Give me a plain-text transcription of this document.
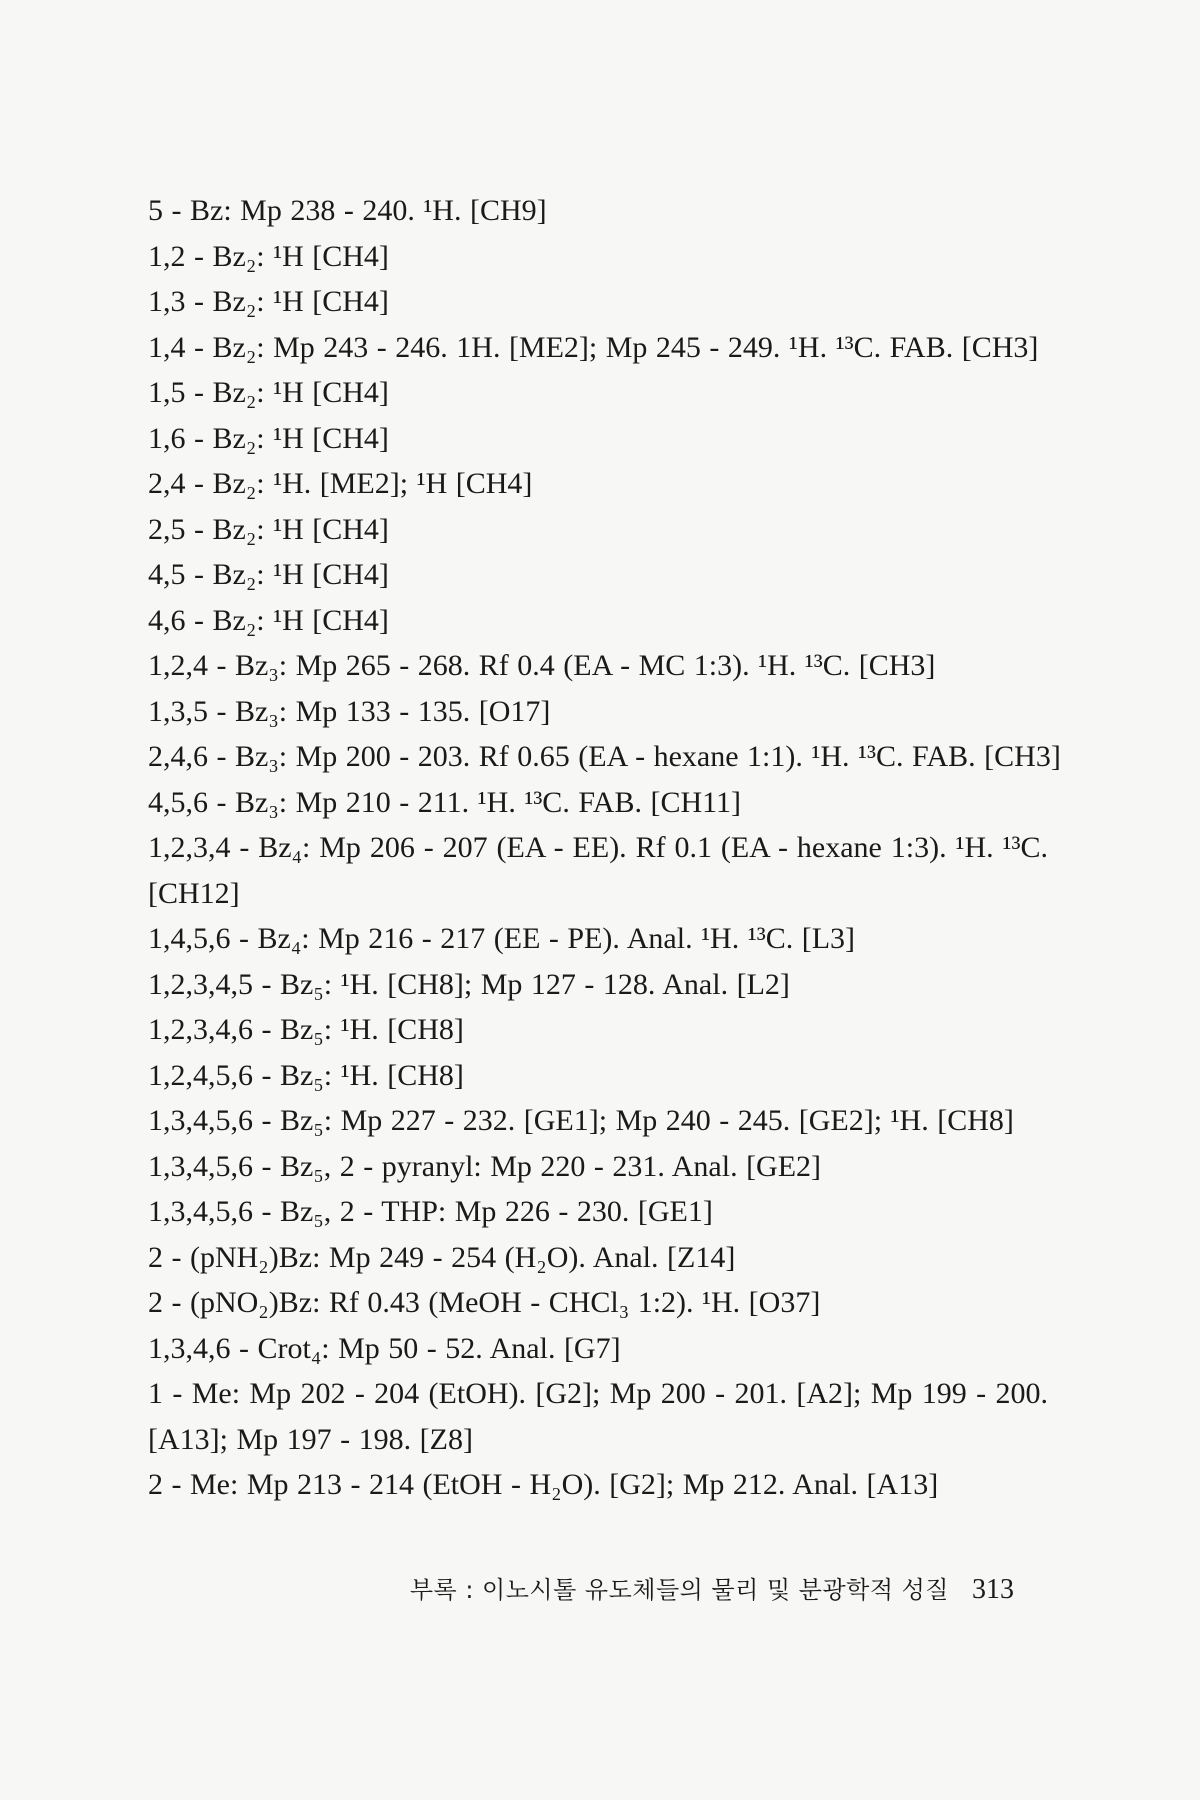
5 - Bz: Mp 238 - 240. ¹H. [CH9]
1,2 - Bz₂: ¹H [CH4]
1,3 - Bz₂: ¹H [CH4]
1,4 - Bz₂: Mp 243 - 246. 1H. [ME2]; Mp 245 - 249. ¹H. ¹³C. FAB. [CH3]
1,5 - Bz₂: ¹H [CH4]
1,6 - Bz₂: ¹H [CH4]
2,4 - Bz₂: ¹H. [ME2]; ¹H [CH4]
2,5 - Bz₂: ¹H [CH4]
4,5 - Bz₂: ¹H [CH4]
4,6 - Bz₂: ¹H [CH4]
1,2,4 - Bz₃: Mp 265 - 268. Rf 0.4 (EA - MC 1:3). ¹H. ¹³C. [CH3]
1,3,5 - Bz₃: Mp 133 - 135. [O17]
2,4,6 - Bz₃: Mp 200 - 203. Rf 0.65 (EA - hexane 1:1). ¹H. ¹³C. FAB. [CH3]
4,5,6 - Bz₃: Mp 210 - 211. ¹H. ¹³C. FAB. [CH11]
1,2,3,4 - Bz₄: Mp 206 - 207 (EA - EE). Rf 0.1 (EA - hexane 1:3). ¹H. ¹³C. [CH12]
1,4,5,6 - Bz₄: Mp 216 - 217 (EE - PE). Anal. ¹H. ¹³C. [L3]
1,2,3,4,5 - Bz₅: ¹H. [CH8]; Mp 127 - 128. Anal. [L2]
1,2,3,4,6 - Bz₅: ¹H. [CH8]
1,2,4,5,6 - Bz₅: ¹H. [CH8]
1,3,4,5,6 - Bz₅: Mp 227 - 232. [GE1]; Mp 240 - 245. [GE2]; ¹H. [CH8]
1,3,4,5,6 - Bz₅, 2 - pyranyl: Mp 220 - 231. Anal. [GE2]
1,3,4,5,6 - Bz₅, 2 - THP: Mp 226 - 230. [GE1]
2 - (pNH₂)Bz: Mp 249 - 254 (H₂O). Anal. [Z14]
2 - (pNO₂)Bz: Rf 0.43 (MeOH - CHCl₃ 1:2). ¹H. [O37]
1,3,4,6 - Crot₄: Mp 50 - 52. Anal. [G7]
1 - Me: Mp 202 - 204 (EtOH). [G2]; Mp 200 - 201. [A2]; Mp 199 - 200. [A13]; Mp 197 - 198. [Z8]
2 - Me: Mp 213 - 214 (EtOH - H₂O). [G2]; Mp 212. Anal. [A13]
부록 : 이노시톨 유도체들의 물리 및 분광학적 성질 313
